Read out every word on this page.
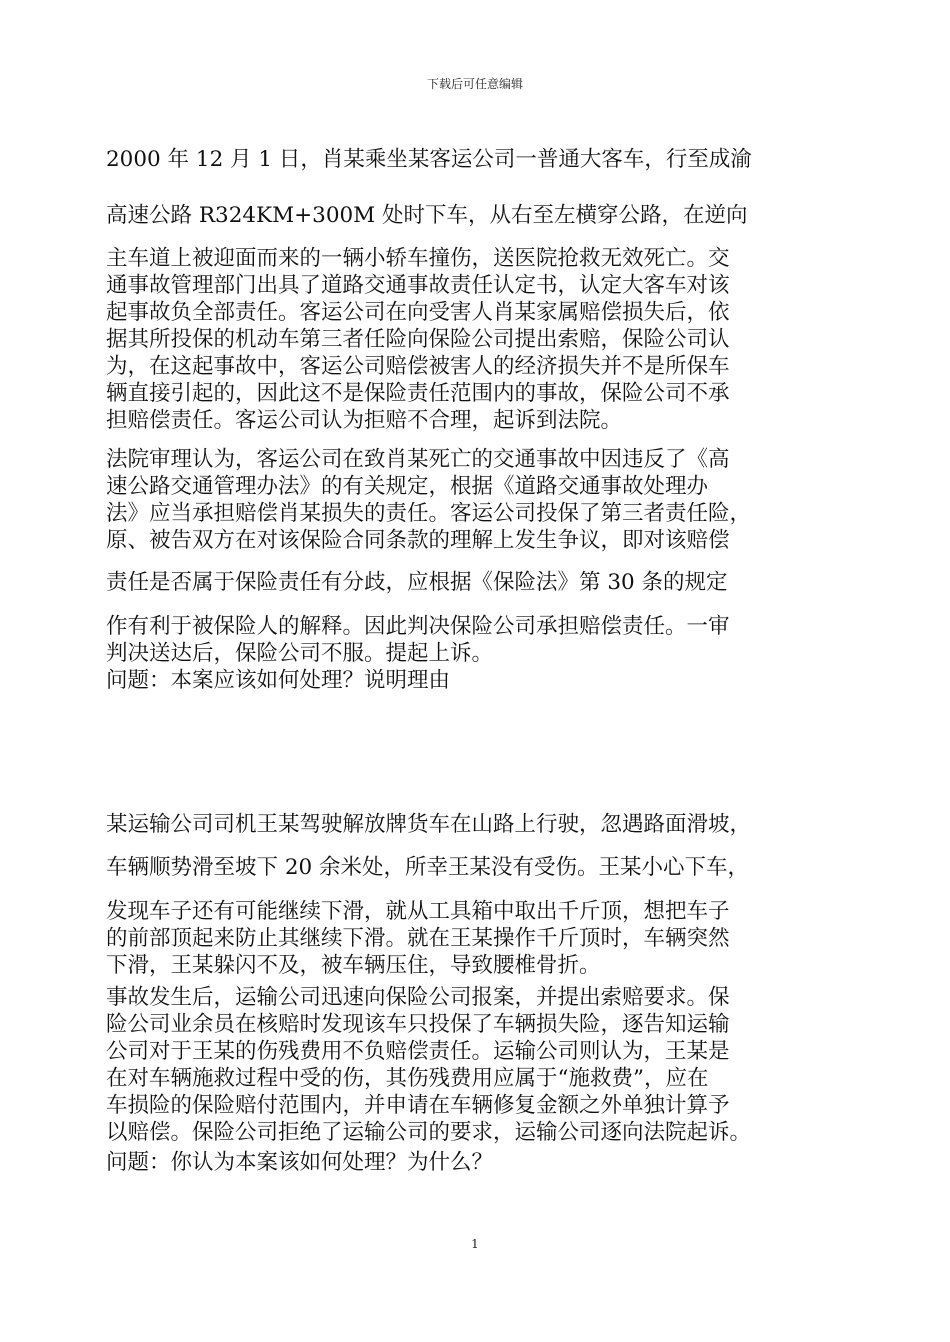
下载后可任意编辑
2000 年 12 月 1 日，肖某乘坐某客运公司一普通大客车，行至成渝
高速公路 R324KM+300M 处时下车，从右至左横穿公路，在逆向
主车道上被迎面而来的一辆小轿车撞伤，送医院抢救无效死亡。交
通事故管理部门出具了道路交通事故责任认定书，认定大客车对该
起事故负全部责任。客运公司在向受害人肖某家属赔偿损失后，依
据其所投保的机动车第三者任险向保险公司提出索赔，保险公司认
为，在这起事故中，客运公司赔偿被害人的经济损失并不是所保车
辆直接引起的，因此这不是保险责任范围内的事故，保险公司不承
担赔偿责任。客运公司认为拒赔不合理，起诉到法院。
法院审理认为，客运公司在致肖某死亡的交通事故中因违反了《高
速公路交通管理办法》的有关规定，根据《道路交通事故处理办
法》应当承担赔偿肖某损失的责任。客运公司投保了第三者责任险，
原、被告双方在对该保险合同条款的理解上发生争议，即对该赔偿
责任是否属于保险责任有分歧，应根据《保险法》第 30 条的规定
作有利于被保险人的解释。因此判决保险公司承担赔偿责任。一审
判决送达后，保险公司不服。提起上诉。
问题：本案应该如何处理？说明理由
某运输公司司机王某驾驶解放牌货车在山路上行驶，忽遇路面滑坡，
车辆顺势滑至坡下 20 余米处，所幸王某没有受伤。王某小心下车，
发现车子还有可能继续下滑，就从工具箱中取出千斤顶，想把车子
的前部顶起来防止其继续下滑。就在王某操作千斤顶时，车辆突然
下滑，王某躲闪不及，被车辆压住，导致腰椎骨折。
事故发生后，运输公司迅速向保险公司报案，并提出索赔要求。保
险公司业余员在核赔时发现该车只投保了车辆损失险，逐告知运输
公司对于王某的伤残费用不负赔偿责任。运输公司则认为，王某是
在对车辆施救过程中受的伤，其伤残费用应属于“施救费”，应在
车损险的保险赔付范围内，并申请在车辆修复金额之外单独计算予
以赔偿。保险公司拒绝了运输公司的要求，运输公司逐向法院起诉。
问题：你认为本案该如何处理？为什么？
1
